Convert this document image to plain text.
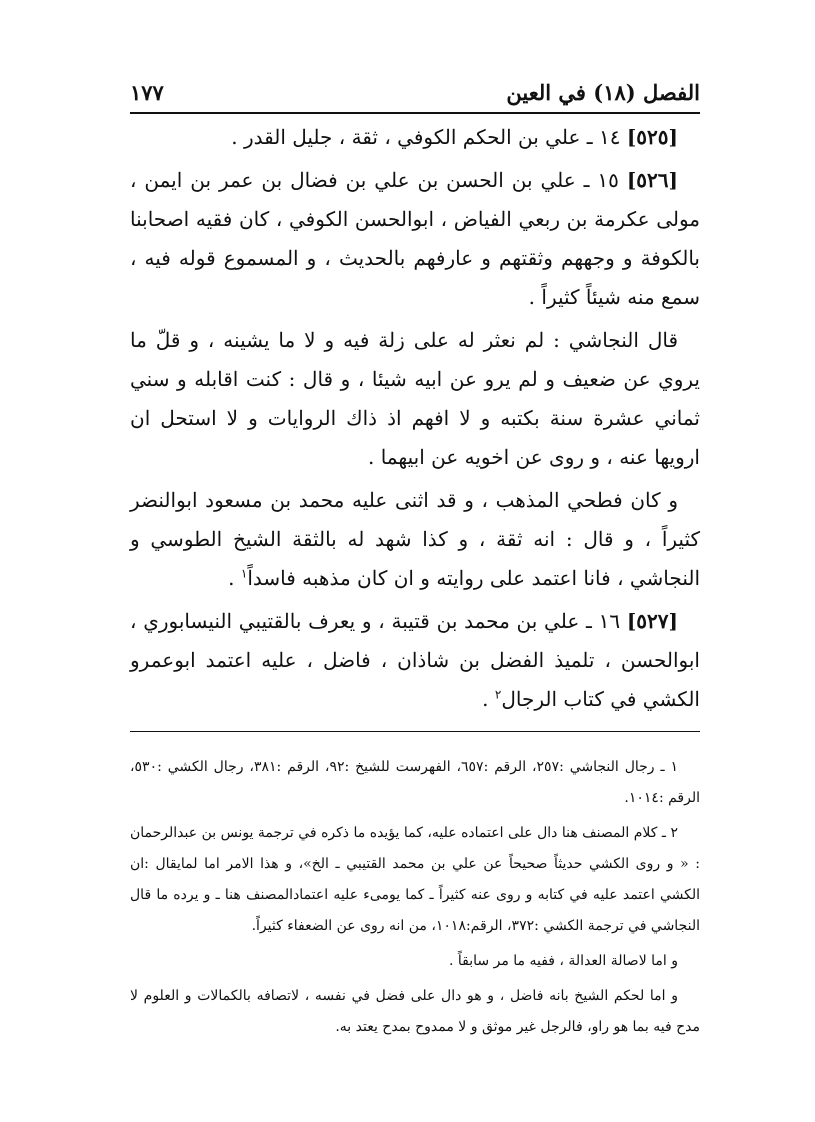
١٧٧	الفصل (١٨) في العين

[٥٢٥] ١٤ ـ علي بن الحكم الكوفي ، ثقة ، جليل القدر .

[٥٢٦] ١٥ ـ علي بن الحسن بن علي بن فضال بن عمر بن ايمن ، مولى عكرمة بن ربعي الفياض ، ابوالحسن الكوفي ، كان فقيه اصحابنا بالكوفة و وجههم وثقتهم و عارفهم بالحديث ، و المسموع قوله فيه ، سمع منه شيئاً كثيراً .

قال النجاشي : لم نعثر له على زلة فيه و لا ما يشينه ، و قلّ ما يروي عن ضعيف و لم يرو عن ابيه شيئا ، و قال : كنت اقابله و سني ثماني عشرة سنة بكتبه و لا افهم اذ ذاك الروايات و لا استحل ان ارويها عنه ، و روى عن اخويه عن ابيهما .

و كان فطحي المذهب ، و قد اثنى عليه محمد بن مسعود ابوالنضر كثيراً ، و قال : انه ثقة ، و كذا شهد له بالثقة الشيخ الطوسي و النجاشي ، فانا اعتمد على روايته و ان كان مذهبه فاسداً$^١$ .

[٥٢٧] ١٦ ـ علي بن محمد بن قتيبة ، و يعرف بالقتيبي النيسابوري ، ابوالحسن ، تلميذ الفضل بن شاذان ، فاضل ، عليه اعتمد ابوعمرو الكشي في كتاب الرجال$^٢$ .

١ ـ رجال النجاشي :٢٥٧، الرقم :٦٥٧، الفهرست للشيخ :٩٢، الرقم :٣٨١، رجال الكشي :٥٣٠، الرقم :١٠١٤.

٢ ـ كلام المصنف هنا دال على اعتماده عليه، كما يؤيده ما ذكره في ترجمة يونس بن عبدالرحمان : « و روى الكشي حديثاً صحيحاً عن علي بن محمد القتيبي ـ الخ»، و هذا الامر اما لمايقال :ان الكشي اعتمد عليه في كتابه و روى عنه كثيراً ـ كما يومىء عليه اعتمادالمصنف هنا ـ و يرده ما قال النجاشي في ترجمة الكشي :٣٧٢، الرقم:١٠١٨، من انه روى عن الضعفاء كثيراً.

و اما لاصالة العدالة ، ففيه ما مر سابقاً .

و اما لحكم الشيخ بانه فاضل ، و هو دال على فضل في نفسه ، لاتصافه بالكمالات و العلوم لا مدح فيه بما هو راو، فالرجل غير موثق و لا ممدوح بمدح يعتد به.
